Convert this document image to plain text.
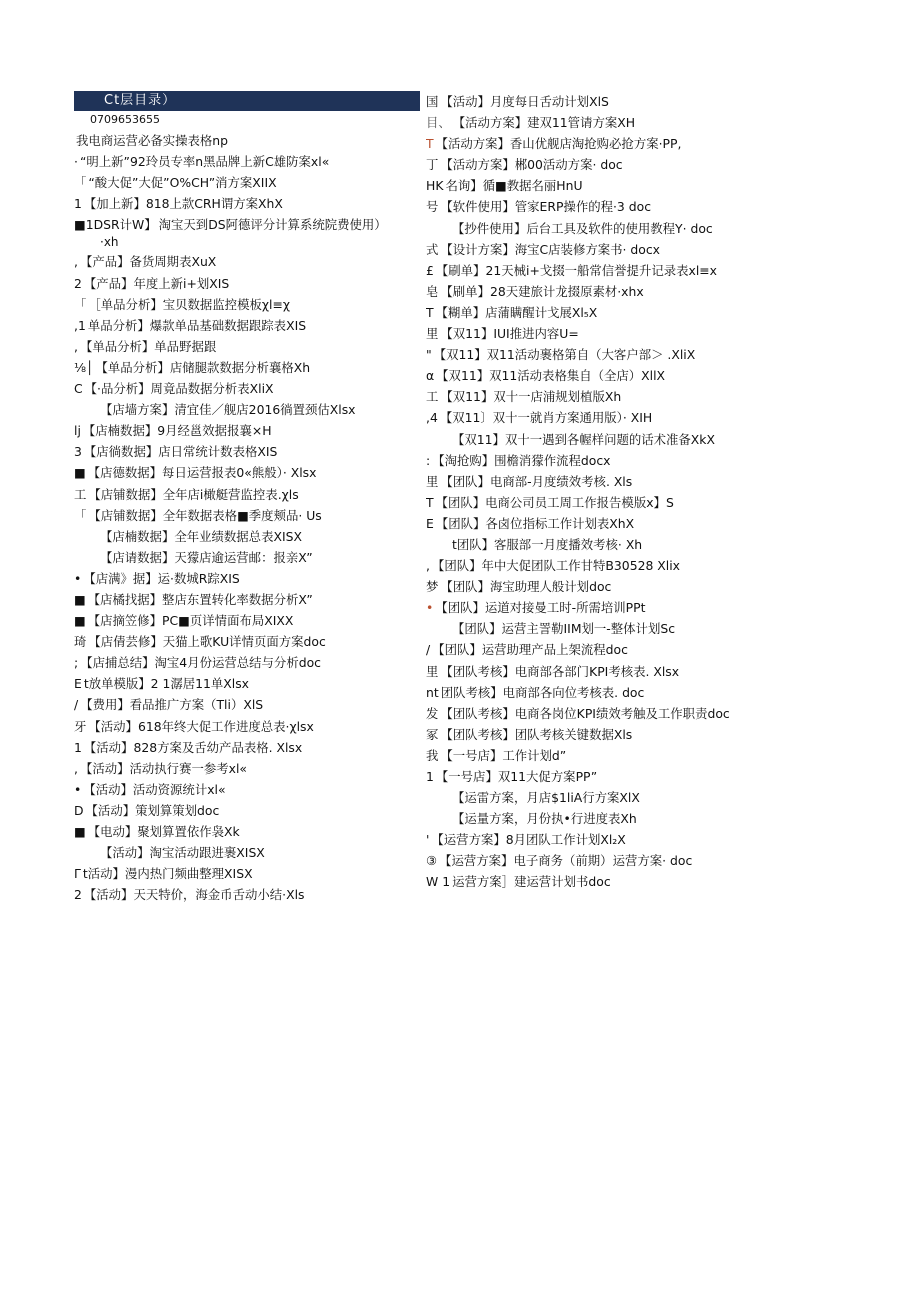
Ct层目录）
0709653655
我电商运营必备实操表格np
· “明上新”92玲员专率n黑品牌上新C雄防案xl«
「 “酸大促”大促”O%CH”消方案XIIX
1 【加上新】818上款CRH谓方案XhX
■1DSR计W】 淘宝天到DS阿德评分计算系统院费使用）
·xh
, 【产品】备货周期表XuX
2 【产品】年度上新i+划XIS
「 ［单品分析】宝贝数据监控模板χl≡χ
,1 单品分析】爆款单品基础数据跟踪表XIS
, 【单品分析】单品野据跟
⅛│ 【单品分析】店储腿款数据分析襄格Xh
C 【·品分析】周竟品数据分析表XliX
【店墙方案】清宜佳／舰店2016徜置颈估Xlsx
lj 【店楠数据】9月经邕效据报襄×H
3 【店徜数据】店日常统计数表格XIS
■ 【店德数据】每日运营报表0«熊般）· Xlsx
工 【店铺数据】全年店i橄艇营监控表.χls
「 【店铺数据】全年数据表格■季度颊品· Us
【店楠数据】全年业绩数据总表XISX
【店请数据】天獴店逾运营邮：报亲X”
• 【店满》据】运·数城R踪XIS
■ 【店橘找据】整店东置转化率数据分析X”
■ 【店摘笠修】PC■页详情面布局XIXX
琦 【店倩芸修】天猫上歌KU详情页面方案doc
; 【店捕总结】淘宝4月份运营总结与分析doc
E t放单模版】2 1潺居11单Xlsx
/ 【费用】看品推广方案（Tli）XlS
牙 【活动】618年终大促工作进度总表·χlsx
1 【活动】828方案及舌幼产品表格. Xlsx
, 【活动】活动执行赛一参考xl«
• 【活动】活动资源统计xl«
D 【活动】策划算策划doc
■ 【电动】聚划算置依作袅Xk
【活动】淘宝活动跟进裹XISX
Γ t活动】漫内热门频曲整理XISX
2 【活动】天天特价，海金币舌动小结·Xls
国 【活动】月度每日舌动计划XlS
目、 【活动方案】建双11管请方案XH
T 【活动方案】香山优舰店淘抢购必抢方案·PP,
丁 【活动方案】郴00活动方案· doc
HK 名询】循■教据名丽HnU
号 【软件使用】管家ERP操作的程·3 doc
【抄件使用】后台工具及软件的使用教程Y· doc
式 【设计方案】海宝C店装修方案书· docx
£ 【刷单】21天械i+戈掇一船常信誉提升记录表xl≡x
皂 【刷单】28天建旅计龙掇原素材·xhx
T 【糊单】店蒲瞒醒计戈展Xl₅X
里 【双11】IUI推进内容U=
" 【双11】双11活动裹格第自（大客户部＞ .XliX
α 【双11】双11活动表格集自（全店）XllX
工 【双11】双十一店浦规划植版Xh
,4 【双11〕双十一就肖方案通用版）· XIH
【双11】双十一遇到各幄样问题的话术准备XkX
: 【淘抢购】围檐消獴作流程docx
里 【团队】电商部-月度绩效考核. Xls
T 【团队】电商公司员工周工作报告模版x】S
E 【团队】各卤位指标工作计划表XhX
t团队】客服部一月度播效考核· Xh
, 【团队】年中大促团队工作甘特B30528 Xlix
梦 【团队】海宝助理人般计划doc
• 【团队】运道对接曼工时-所需培训PPt
【团队】运营主詈勒IIM划一-整体计划Sc
/ 【团队】运营助理产品上架流程doc
里 【团队考核】电商部各部门KPI考核表. Xlsx
nt 团队考核】电商部各向位考核表. doc
发 【团队考核】电商各岗位KPI绩效考触及工作职责doc
冢 【团队考核】团队考核关键数据Xls
我 【一号店】工作计划d”
1 【一号店】双11大促方案PP”
【运雷方案，月店$1liA行方案XlX
【运量方案，月份执•行进度表Xh
' 【运营方案】8月团队工作计划Xl₂X
③ 【运营方案】电子商务（前期）运营方案· doc
W 1 运营方案］建运营计划书doc
